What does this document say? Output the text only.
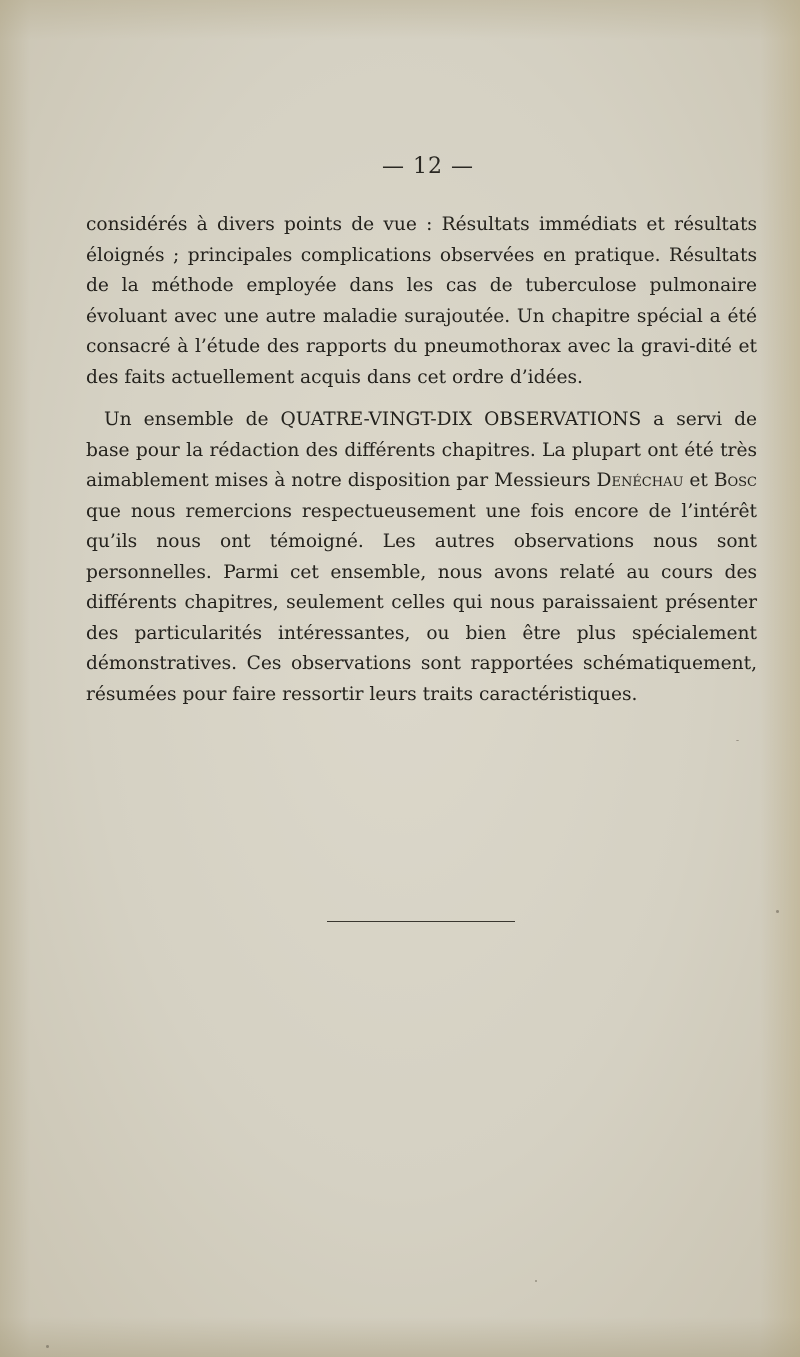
— 12 —

considérés à divers points de vue : Résultats immédiats et résultats éloignés ; principales complications observées en pratique. Résultats de la méthode employée dans les cas de tuberculose pulmonaire évoluant avec une autre maladie surajoutée. Un chapitre spécial a été consacré à l’étude des rapports du pneumothorax avec la gravi-dité et des faits actuellement acquis dans cet ordre d’idées.

Un ensemble de QUATRE-VINGT-DIX OBSERVATIONS a servi de base pour la rédaction des différents chapitres. La plupart ont été très aimablement mises à notre disposition par Messieurs Denéchau et Bosc que nous remercions respectueusement une fois encore de l’intérêt qu’ils nous ont témoigné. Les autres observations nous sont personnelles. Parmi cet ensemble, nous avons relaté au cours des différents chapitres, seulement celles qui nous paraissaient présenter des particularités intéressantes, ou bien être plus spécialement démonstratives. Ces observations sont rapportées schématiquement, résumées pour faire ressortir leurs traits caractéristiques.
